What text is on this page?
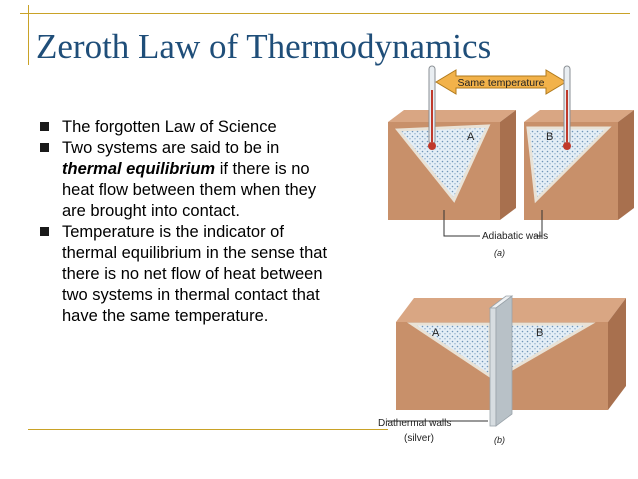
Zeroth Law of Thermodynamics
The forgotten Law of Science
Two systems are said to be in thermal equilibrium if there is no heat flow between them when they are brought into contact.
Temperature is the indicator of thermal equilibrium in the sense that there is no net flow of heat between two systems in thermal contact that have the same temperature.
Same temperature
A	B
Adiabatic walls
(a)
A	B
Diathermal walls
(silver)	(b)
